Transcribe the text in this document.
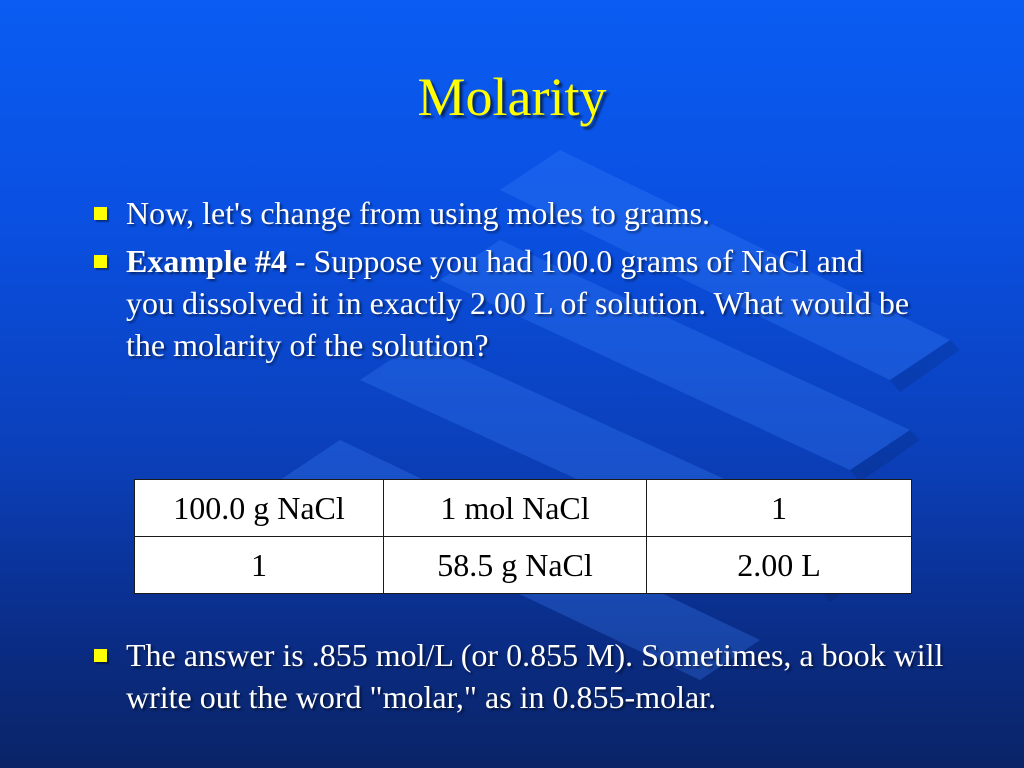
Molarity
Now, let's change from using moles to grams.
Example #4 - Suppose you had 100.0 grams of NaCl and you dissolved it in exactly 2.00 L of solution. What would be the molarity of the solution?
100.0 g NaCl	1 mol NaCl	1
1	58.5 g NaCl	2.00 L
The answer is .855 mol/L (or 0.855 M). Sometimes, a book will write out the word "molar," as in 0.855-molar.
